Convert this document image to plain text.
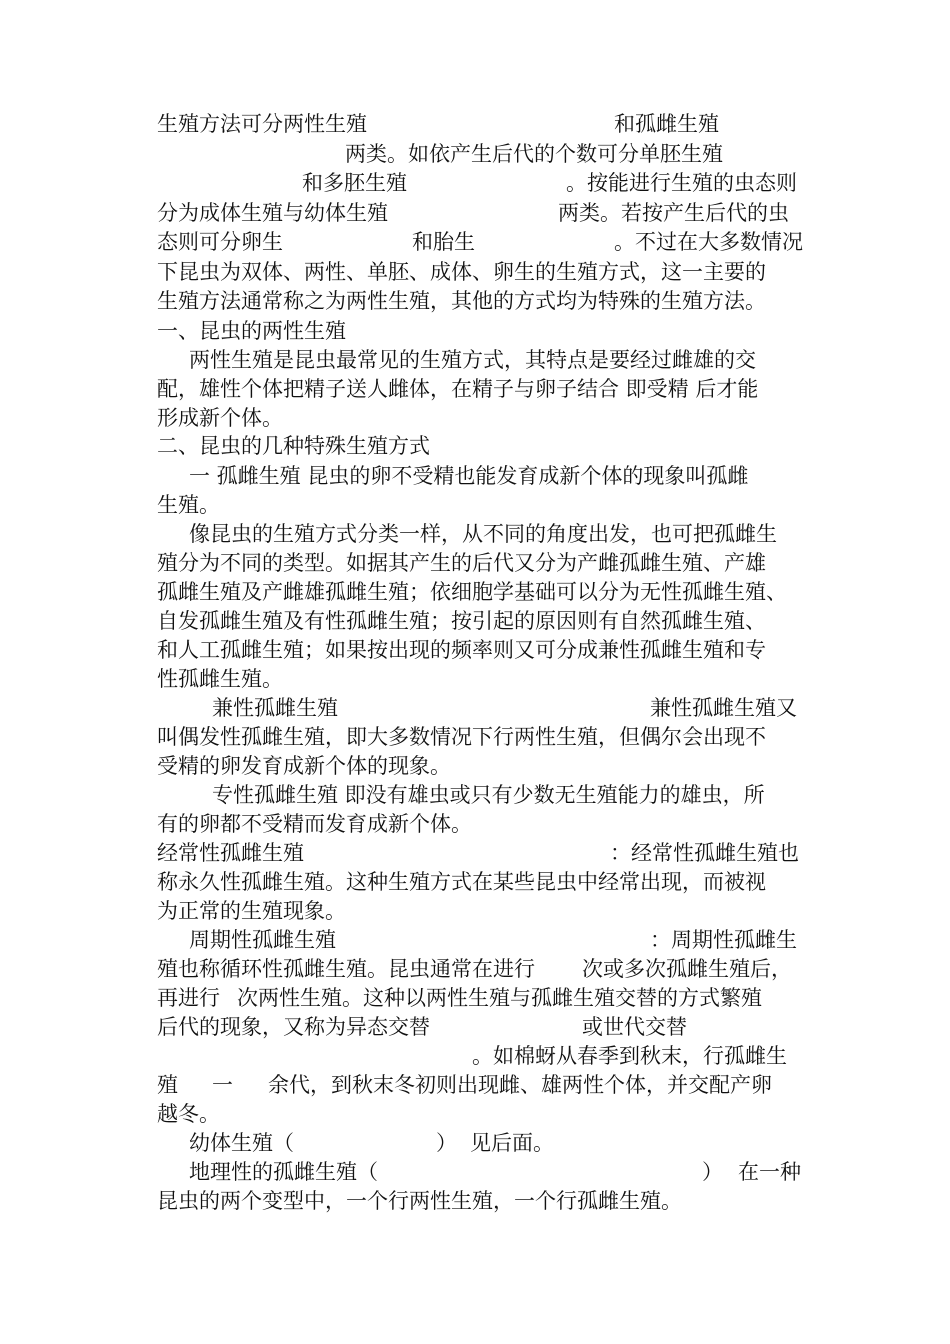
生殖方法可分两性生殖	和孤雌生殖
两类。如依产生后代的个数可分单胚生殖
和多胚生殖	。按能进行生殖的虫态则
分为成体生殖与幼体生殖	两类。若按产生后代的虫
态则可分卵生	和胎生	。不过在大多数情况
下昆虫为双体、两性、单胚、成体、卵生的生殖方式，这一主要的
生殖方法通常称之为两性生殖，其他的方式均为特殊的生殖方法。
一、昆虫的两性生殖
两性生殖是昆虫最常见的生殖方式，其特点是要经过雌雄的交
配，雄性个体把精子送人雌体，在精子与卵子结合 即受精 后才能
形成新个体。
二、昆虫的几种特殊生殖方式
一 孤雌生殖 昆虫的卵不受精也能发育成新个体的现象叫孤雌
生殖。
像昆虫的生殖方式分类一样，从不同的角度出发，也可把孤雌生
殖分为不同的类型。如据其产生的后代又分为产雌孤雌生殖、产雄
孤雌生殖及产雌雄孤雌生殖；依细胞学基础可以分为无性孤雌生殖、
自发孤雌生殖及有性孤雌生殖；按引起的原因则有自然孤雌生殖、
和人工孤雌生殖；如果按出现的频率则又可分成兼性孤雌生殖和专
性孤雌生殖。
兼性孤雌生殖	兼性孤雌生殖又
叫偶发性孤雌生殖，即大多数情况下行两性生殖，但偶尔会出现不
受精的卵发育成新个体的现象。
专性孤雌生殖 即没有雄虫或只有少数无生殖能力的雄虫，所
有的卵都不受精而发育成新个体。
经常性孤雌生殖	：经常性孤雌生殖也
称永久性孤雌生殖。这种生殖方式在某些昆虫中经常出现，而被视
为正常的生殖现象。
周期性孤雌生殖	：周期性孤雌生
殖也称循环性孤雌生殖。昆虫通常在进行 次或多次孤雌生殖后，
再进行 次两性生殖。这种以两性生殖与孤雌生殖交替的方式繁殖
后代的现象，又称为异态交替	或世代交替
。如棉蚜从春季到秋末，行孤雌生
殖 一 余代，到秋末冬初则出现雌、雄两性个体，并交配产卵
越冬。
幼体生殖（	） 见后面。
地理性的孤雌生殖（	） 在一种
昆虫的两个变型中，一个行两性生殖，一个行孤雌生殖。
